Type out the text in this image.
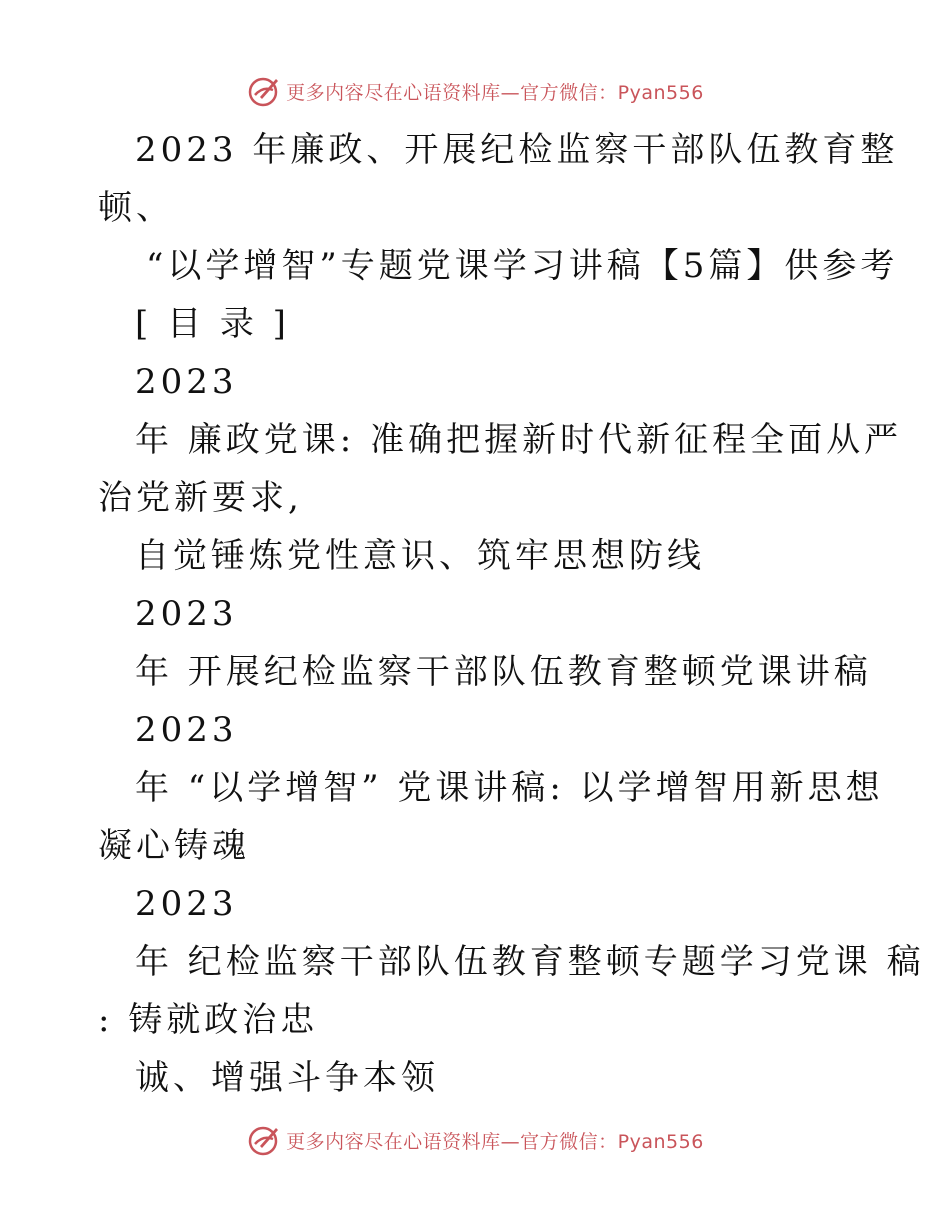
更多内容尽在心语资料库—官方微信：Pyan556
2023 年廉政、开展纪检监察干部队伍教育整
顿、
“以学增智”专题党课学习讲稿【5篇】供参考
[ 目 录 ]
2023
年 廉政党课: 准确把握新时代新征程全面从严
治党新要求,
自觉锤炼党性意识、筑牢思想防线
2023
年 开展纪检监察干部队伍教育整顿党课讲稿
2023
年 “以学增智” 党课讲稿: 以学增智用新思想
凝心铸魂
2023
年 纪检监察干部队伍教育整顿专题学习党课 稿
: 铸就政治忠
诚、增强斗争本领
更多内容尽在心语资料库—官方微信：Pyan556
